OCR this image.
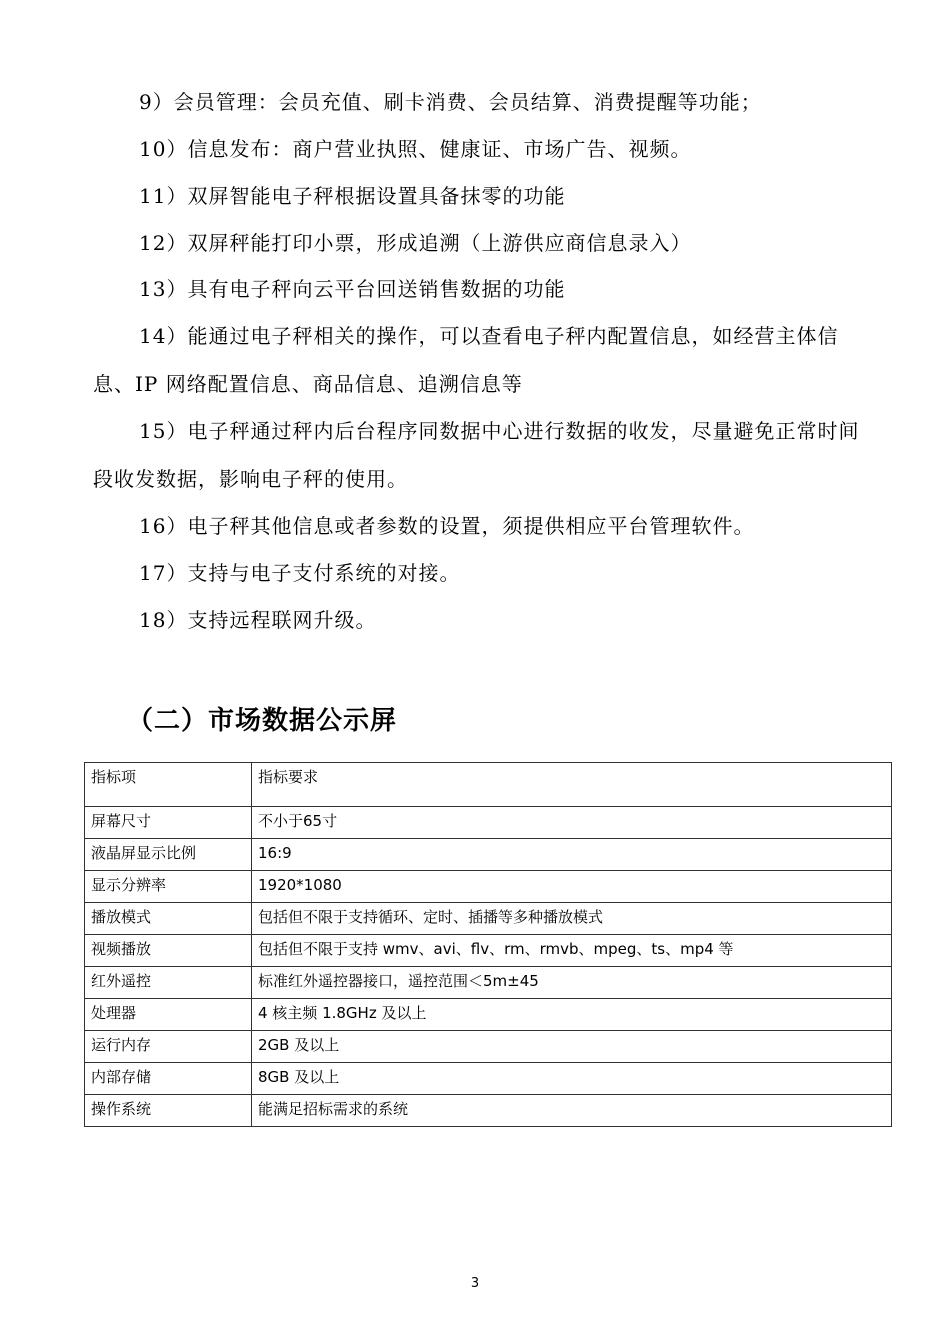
9）会员管理：会员充值、刷卡消费、会员结算、消费提醒等功能；

10）信息发布：商户营业执照、健康证、市场广告、视频。

11）双屏智能电子秤根据设置具备抹零的功能

12）双屏秤能打印小票，形成追溯（上游供应商信息录入）

13）具有电子秤向云平台回送销售数据的功能

14）能通过电子秤相关的操作，可以查看电子秤内配置信息，如经营主体信息、IP 网络配置信息、商品信息、追溯信息等

15）电子秤通过秤内后台程序同数据中心进行数据的收发，尽量避免正常时间段收发数据，影响电子秤的使用。

16）电子秤其他信息或者参数的设置，须提供相应平台管理软件。

17）支持与电子支付系统的对接。

18）支持远程联网升级。

（二）市场数据公示屏
指标项	指标要求
屏幕尺寸	不小于65寸
液晶屏显示比例	16:9
显示分辨率	1920*1080
播放模式	包括但不限于支持循环、定时、插播等多种播放模式
视频播放	包括但不限于支持 wmv、avi、flv、rm、rmvb、mpeg、ts、mp4 等
红外遥控	标准红外遥控器接口，遥控范围＜5m±45
处理器	4 核主频 1.8GHz 及以上
运行内存	2GB 及以上
内部存储	8GB 及以上
操作系统	能满足招标需求的系统
3
